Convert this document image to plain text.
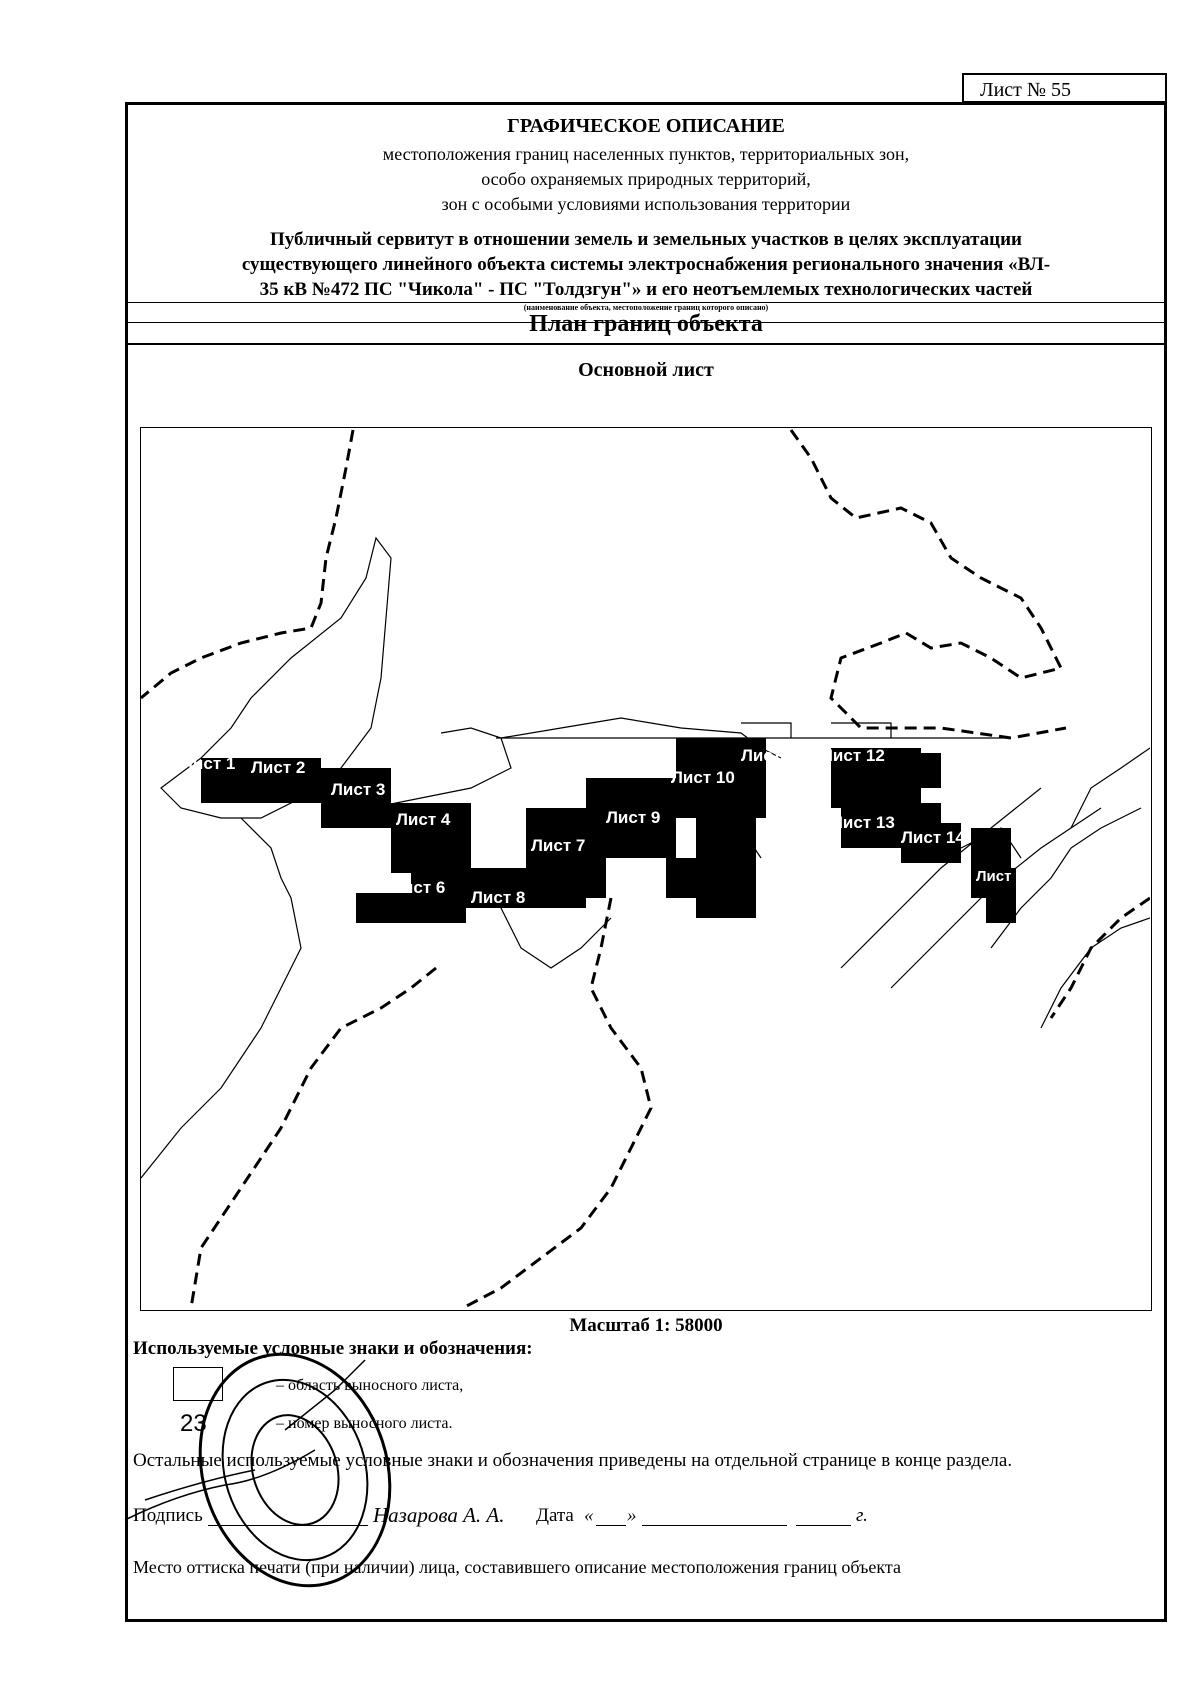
Лист № 55
ГРАФИЧЕСКОЕ ОПИСАНИЕ
местоположения границ населенных пунктов, территориальных зон,
особо охраняемых природных территорий,
зон с особыми условиями использования территории
Публичный сервитут в отношении земель и земельных участков в целях эксплуатации
существующего линейного объекта системы электроснабжения регионального значения «ВЛ-
35 кВ №472 ПС "Чикола" - ПС "Толдзгун"» и его неотъемлемых технологических частей
(наименование объекта, местоположение границ которого описано)
План границ объекта
Основной лист
Лист 1 Лист 2
Лист 3
Лист 4
Лист 6
Лист 7
Лист 8
Лист 9
Лист 10
Лист 11 Лист 12
Лист 13
Лист 14
Лист 15
Масштаб 1: 58000
Используемые условные знаки и обозначения:
– область выносного листа,
23	– номер выносного листа.
Остальные используемые условные знаки и обозначения приведены на отдельной странице в конце раздела.
Подпись	Назарова А. А. Дата « »	г.
Место оттиска печати (при наличии) лица, составившего описание местоположения границ объекта
